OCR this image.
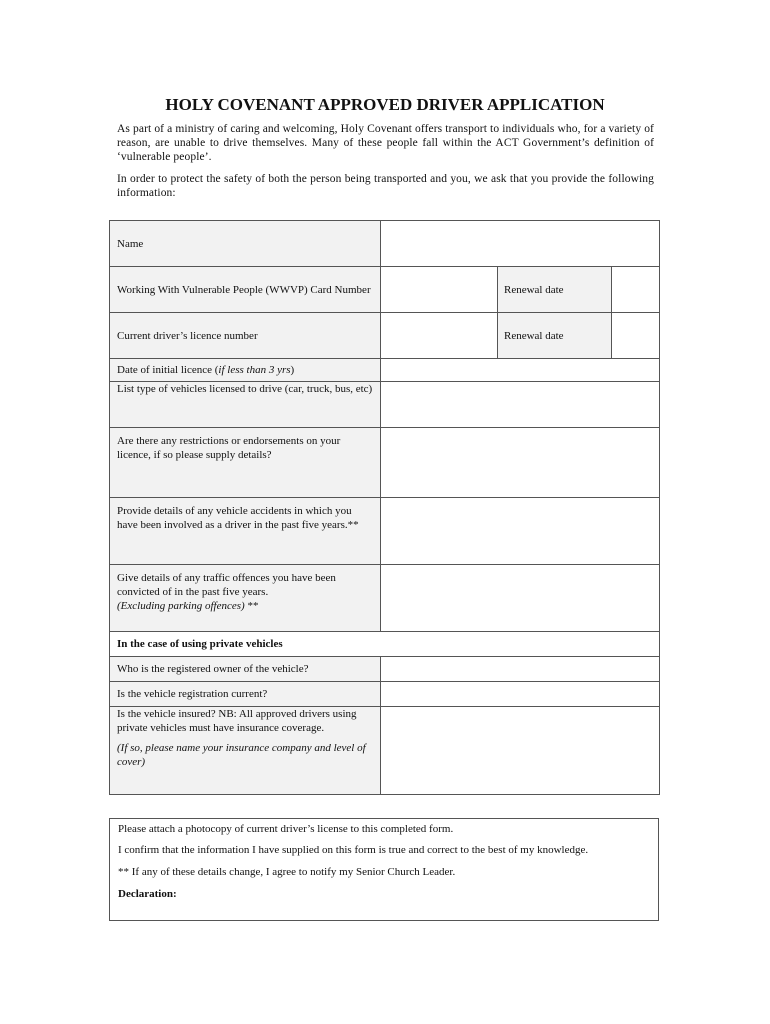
HOLY COVENANT APPROVED DRIVER APPLICATION
As part of a ministry of caring and welcoming, Holy Covenant offers transport to individuals who, for a variety of reason, are unable to drive themselves. Many of these people fall within the ACT Government’s definition of ‘vulnerable people’.
In order to protect the safety of both the person being transported and you, we ask that you provide the following information:
Name			
Working With Vulnerable People (WWVP) Card Number		Renewal date	
Current driver’s licence number		Renewal date	
Date of initial licence (if less than 3 yrs)			
List type of vehicles licensed to drive (car, truck, bus, etc)			
Are there any restrictions or endorsements on your licence, if so please supply details?			
Provide details of any vehicle accidents in which you have been involved as a driver in the past five years.**			
Give details of any traffic offences you have been convicted of in the past five years.
(Excluding parking offences) **			
In the case of using private vehicles			
Who is the registered owner of the vehicle?			
Is the vehicle registration current?			

Is the vehicle insured? NB: All approved drivers using private vehicles must have insurance coverage.
(If so, please name your insurance company and level of cover)			

Please attach a photocopy of current driver’s license to this completed form.

I confirm that the information I have supplied on this form is true and correct to the best of my knowledge.

** If any of these details change, I agree to notify my Senior Church Leader.

Declaration:
